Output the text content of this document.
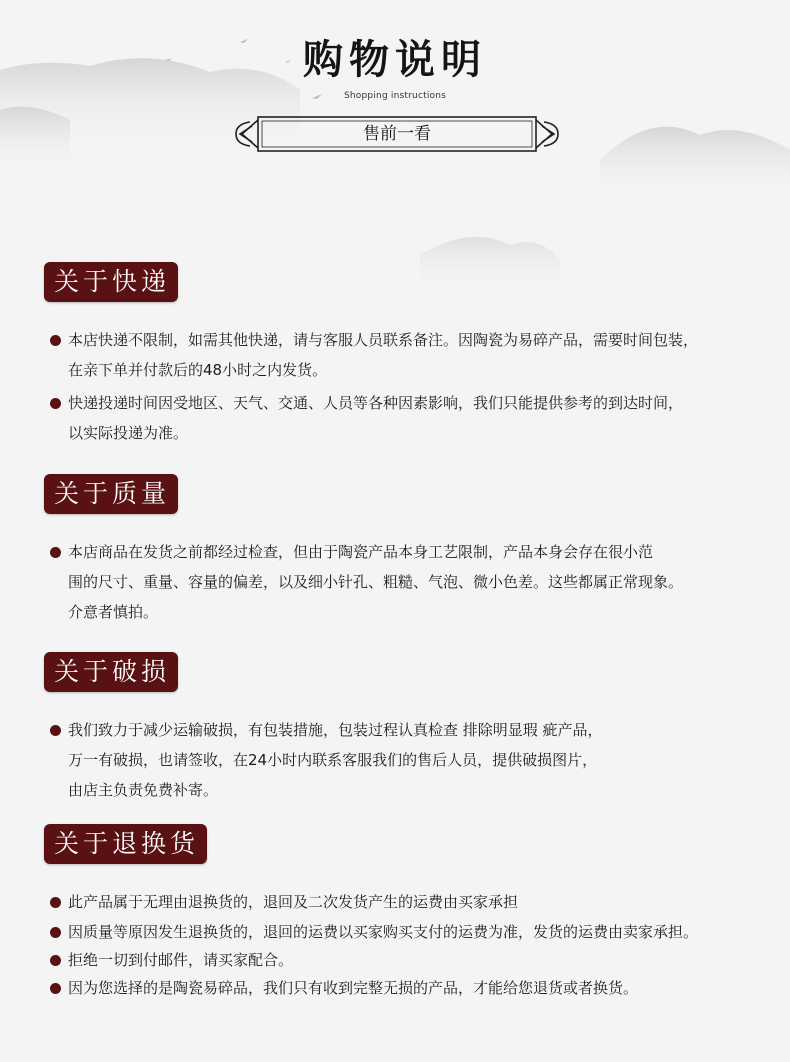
购物说明
Shopping instructions
售前一看
关于快递
本店快递不限制，如需其他快递，请与客服人员联系备注。因陶瓷为易碎产品，需要时间包装，
在亲下单并付款后的48小时之内发货。
快递投递时间因受地区、天气、交通、人员等各种因素影响，我们只能提供参考的到达时间，
以实际投递为准。
关于质量
本店商品在发货之前都经过检查，但由于陶瓷产品本身工艺限制，产品本身会存在很小范
围的尺寸、重量、容量的偏差，以及细小针孔、粗糙、气泡、微小色差。这些都属正常现象。
介意者慎拍。
关于破损
我们致力于减少运输破损，有包装措施，包装过程认真检查 排除明显瑕 疵产品，
万一有破损，也请签收，在24小时内联系客服我们的售后人员，提供破损图片，
由店主负责免费补寄。
关于退换货
此产品属于无理由退换货的，退回及二次发货产生的运费由买家承担
因质量等原因发生退换货的，退回的运费以买家购买支付的运费为准，发货的运费由卖家承担。
拒绝一切到付邮件，请买家配合。
因为您选择的是陶瓷易碎品，我们只有收到完整无损的产品，才能给您退货或者换货。
